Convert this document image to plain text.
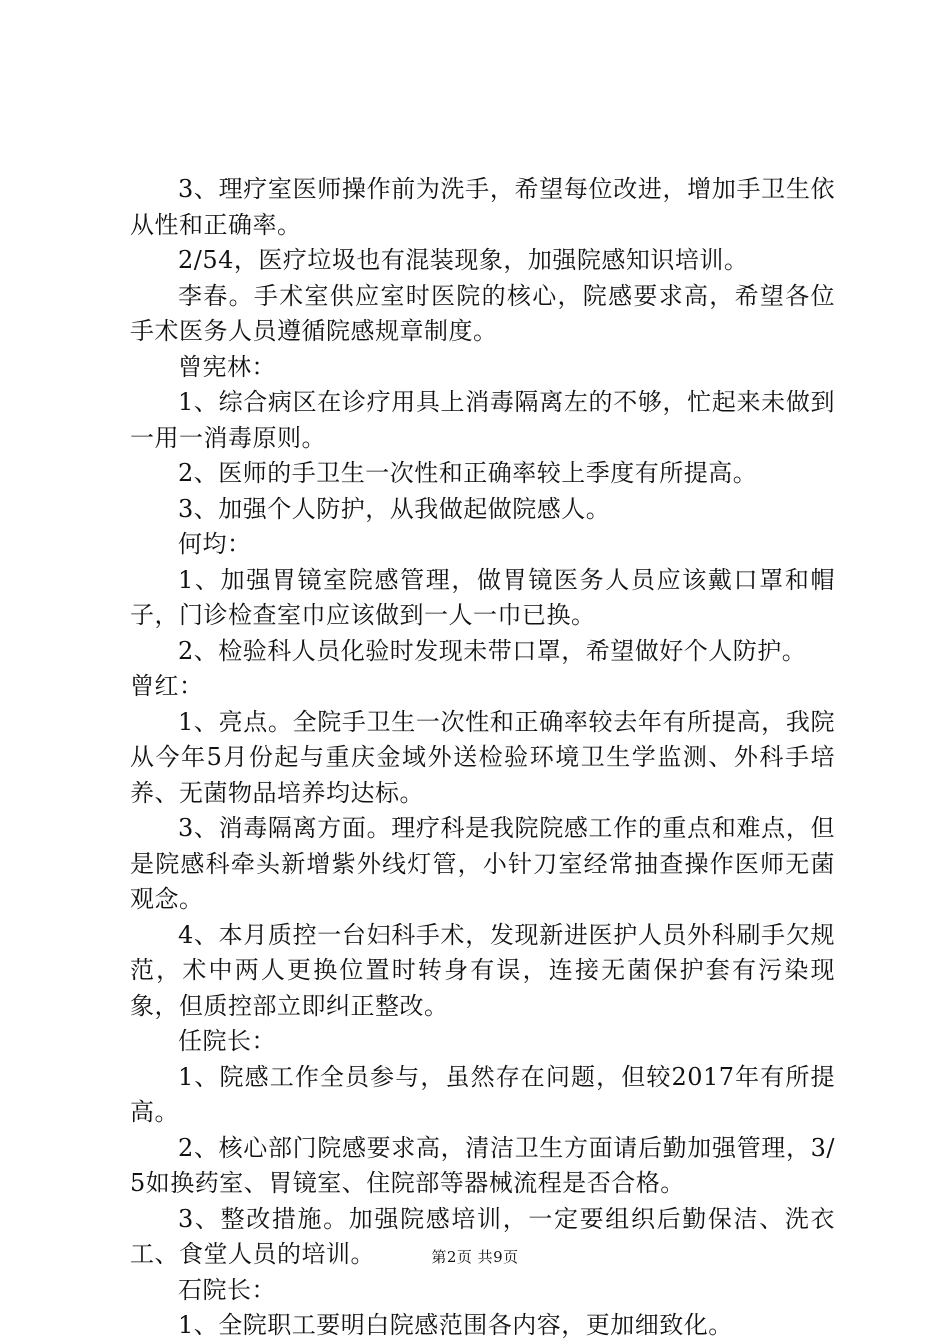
3、理疗室医师操作前为洗手，希望每位改进，增加手卫生依从性和正确率。

2/54，医疗垃圾也有混装现象，加强院感知识培训。

李春。手术室供应室时医院的核心，院感要求高，希望各位手术医务人员遵循院感规章制度。

曾宪林：

1、综合病区在诊疗用具上消毒隔离左的不够，忙起来未做到一用一消毒原则。

2、医师的手卫生一次性和正确率较上季度有所提高。

3、加强个人防护，从我做起做院感人。

何均：

1、加强胃镜室院感管理，做胃镜医务人员应该戴口罩和帽子，门诊检查室巾应该做到一人一巾已换。

2、检验科人员化验时发现未带口罩，希望做好个人防护。

曾红：

1、亮点。全院手卫生一次性和正确率较去年有所提高，我院从今年5月份起与重庆金域外送检验环境卫生学监测、外科手培养、无菌物品培养均达标。

3、消毒隔离方面。理疗科是我院院感工作的重点和难点，但是院感科牵头新增紫外线灯管，小针刀室经常抽查操作医师无菌观念。

4、本月质控一台妇科手术，发现新进医护人员外科刷手欠规范，术中两人更换位置时转身有误，连接无菌保护套有污染现象，但质控部立即纠正整改。

任院长：

1、院感工作全员参与，虽然存在问题，但较2017年有所提高。

2、核心部门院感要求高，清洁卫生方面请后勤加强管理，3/5如换药室、胃镜室、住院部等器械流程是否合格。

3、整改措施。加强院感培训，一定要组织后勤保洁、洗衣工、食堂人员的培训。

石院长：

1、全院职工要明白院感范围各内容，更加细致化。

第2页 共9页
